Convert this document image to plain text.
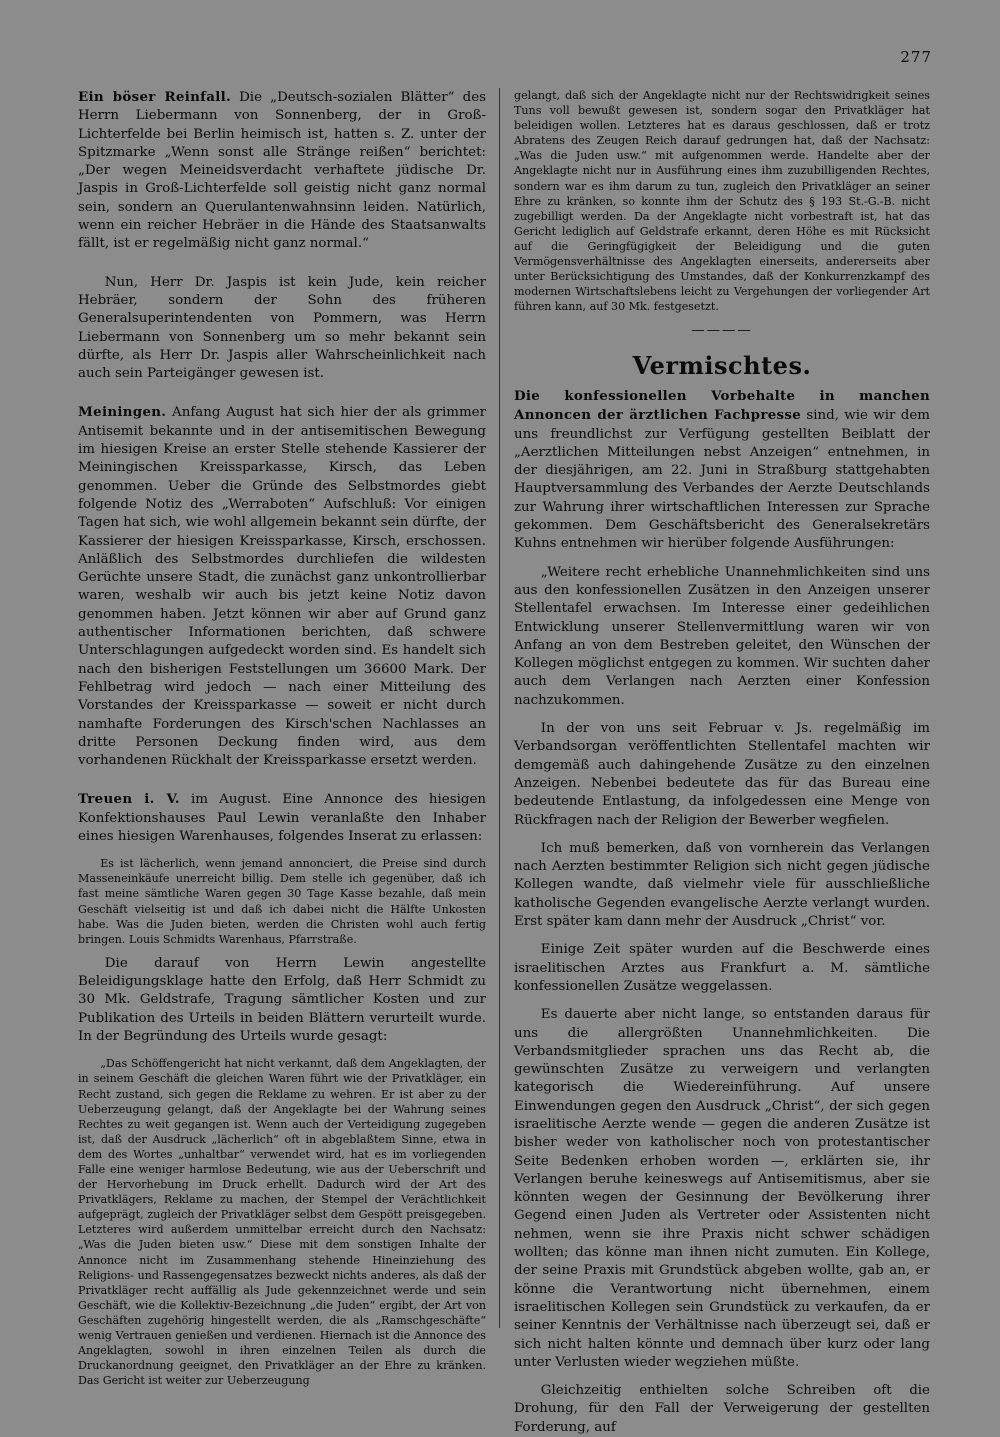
277

Ein böser Reinfall. Die „Deutsch-sozialen Blätter“ des Herrn Liebermann von Sonnenberg, der in Groß-Lichterfelde bei Berlin heimisch ist, hatten s. Z. unter der Spitzmarke „Wenn sonst alle Stränge reißen“ berichtet: „Der wegen Meineidsverdacht verhaftete jüdische Dr. Jaspis in Groß-Lichterfelde soll geistig nicht ganz normal sein, sondern an Querulantenwahnsinn leiden. Natürlich, wenn ein reicher Hebräer in die Hände des Staatsanwalts fällt, ist er regelmäßig nicht ganz normal.“

Nun, Herr Dr. Jaspis ist kein Jude, kein reicher Hebräer, sondern der Sohn des früheren Generalsuperintendenten von Pommern, was Herrn Liebermann von Sonnenberg um so mehr bekannt sein dürfte, als Herr Dr. Jaspis aller Wahrscheinlichkeit nach auch sein Parteigänger gewesen ist.

Meiningen. Anfang August hat sich hier der als grimmer Antisemit bekannte und in der antisemitischen Bewegung im hiesigen Kreise an erster Stelle stehende Kassierer der Meiningischen Kreissparkasse, Kirsch, das Leben genommen. Ueber die Gründe des Selbstmordes giebt folgende Notiz des „Werraboten“ Aufschluß: Vor einigen Tagen hat sich, wie wohl allgemein bekannt sein dürfte, der Kassierer der hiesigen Kreissparkasse, Kirsch, erschossen. Anläßlich des Selbstmordes durchliefen die wildesten Gerüchte unsere Stadt, die zunächst ganz unkontrollierbar waren, weshalb wir auch bis jetzt keine Notiz davon genommen haben. Jetzt können wir aber auf Grund ganz authentischer Informationen berichten, daß schwere Unterschlagungen aufgedeckt worden sind. Es handelt sich nach den bisherigen Feststellungen um 36600 Mark. Der Fehlbetrag wird jedoch — nach einer Mitteilung des Vorstandes der Kreissparkasse — soweit er nicht durch namhafte Forderungen des Kirsch'schen Nachlasses an dritte Personen Deckung finden wird, aus dem vorhandenen Rückhalt der Kreissparkasse ersetzt werden.

Treuen i. V. im August. Eine Annonce des hiesigen Konfektionshauses Paul Lewin veranlaßte den Inhaber eines hiesigen Warenhauses, folgendes Inserat zu erlassen:

Es ist lächerlich, wenn jemand annonciert, die Preise sind durch Masseneinkäufe unerreicht billig. Dem stelle ich gegenüber, daß ich fast meine sämtliche Waren gegen 30 Tage Kasse bezahle, daß mein Geschäft vielseitig ist und daß ich dabei nicht die Hälfte Unkosten habe. Was die Juden bieten, werden die Christen wohl auch fertig bringen. Louis Schmidts Warenhaus, Pfarrstraße.

Die darauf von Herrn Lewin angestellte Beleidigungsklage hatte den Erfolg, daß Herr Schmidt zu 30 Mk. Geldstrafe, Tragung sämtlicher Kosten und zur Publikation des Urteils in beiden Blättern verurteilt wurde. In der Begründung des Urteils wurde gesagt:

„Das Schöffengericht hat nicht verkannt, daß dem Angeklagten, der in seinem Geschäft die gleichen Waren führt wie der Privatkläger, ein Recht zustand, sich gegen die Reklame zu wehren. Er ist aber zu der Ueberzeugung gelangt, daß der Angeklagte bei der Wahrung seines Rechtes zu weit gegangen ist. Wenn auch der Verteidigung zugegeben ist, daß der Ausdruck „lächerlich“ oft in abgeblaßtem Sinne, etwa in dem des Wortes „unhaltbar“ verwendet wird, hat es im vorliegenden Falle eine weniger harmlose Bedeutung, wie aus der Ueberschrift und der Hervorhebung im Druck erhellt. Dadurch wird der Art des Privatklägers, Reklame zu machen, der Stempel der Verächtlichkeit aufgeprägt, zugleich der Privatkläger selbst dem Gespött preisgegeben. Letzteres wird außerdem unmittelbar erreicht durch den Nachsatz: „Was die Juden bieten usw.“ Diese mit dem sonstigen Inhalte der Annonce nicht im Zusammenhang stehende Hineinziehung des Religions- und Rassengegensatzes bezweckt nichts anderes, als daß der Privatkläger recht auffällig als Jude gekennzeichnet werde und sein Geschäft, wie die Kollektiv-Bezeichnung „die Juden“ ergibt, der Art von Geschäften zugehörig hingestellt werden, die als „Ramschgeschäfte“ wenig Vertrauen genießen und verdienen. Hiernach ist die Annonce des Angeklagten, sowohl in ihren einzelnen Teilen als durch die Druckanordnung geeignet, den Privatkläger an der Ehre zu kränken. Das Gericht ist weiter zur Ueberzeugung

gelangt, daß sich der Angeklagte nicht nur der Rechtswidrigkeit seines Tuns voll bewußt gewesen ist, sondern sogar den Privatkläger hat beleidigen wollen. Letzteres hat es daraus geschlossen, daß er trotz Abratens des Zeugen Reich darauf gedrungen hat, daß der Nachsatz: „Was die Juden usw.“ mit aufgenommen werde. Handelte aber der Angeklagte nicht nur in Ausführung eines ihm zuzubilligenden Rechtes, sondern war es ihm darum zu tun, zugleich den Privatkläger an seiner Ehre zu kränken, so konnte ihm der Schutz des § 193 St.-G.-B. nicht zugebilligt werden. Da der Angeklagte nicht vorbestraft ist, hat das Gericht lediglich auf Geldstrafe erkannt, deren Höhe es mit Rücksicht auf die Geringfügigkeit der Beleidigung und die guten Vermögensverhältnisse des Angeklagten einerseits, andererseits aber unter Berücksichtigung des Umstandes, daß der Konkurrenzkampf des modernen Wirtschaftslebens leicht zu Vergehungen der vorliegender Art führen kann, auf 30 Mk. festgesetzt.

————
Vermischtes.

Die konfessionellen Vorbehalte in manchen Annoncen der ärztlichen Fachpresse sind, wie wir dem uns freundlichst zur Verfügung gestellten Beiblatt der „Aerztlichen Mitteilungen nebst Anzeigen“ entnehmen, in der diesjährigen, am 22. Juni in Straßburg stattgehabten Hauptversammlung des Verbandes der Aerzte Deutschlands zur Wahrung ihrer wirtschaftlichen Interessen zur Sprache gekommen. Dem Geschäftsbericht des Generalsekretärs Kuhns entnehmen wir hierüber folgende Ausführungen:

„Weitere recht erhebliche Unannehmlichkeiten sind uns aus den konfessionellen Zusätzen in den Anzeigen unserer Stellentafel erwachsen. Im Interesse einer gedeihlichen Entwicklung unserer Stellenvermittlung waren wir von Anfang an von dem Bestreben geleitet, den Wünschen der Kollegen möglichst entgegen zu kommen. Wir suchten daher auch dem Verlangen nach Aerzten einer Konfession nachzukommen.

In der von uns seit Februar v. Js. regelmäßig im Verbandsorgan veröffentlichten Stellentafel machten wir demgemäß auch dahingehende Zusätze zu den einzelnen Anzeigen. Nebenbei bedeutete das für das Bureau eine bedeutende Entlastung, da infolgedessen eine Menge von Rückfragen nach der Religion der Bewerber wegfielen.

Ich muß bemerken, daß von vornherein das Verlangen nach Aerzten bestimmter Religion sich nicht gegen jüdische Kollegen wandte, daß vielmehr viele für ausschließliche katholische Gegenden evangelische Aerzte verlangt wurden. Erst später kam dann mehr der Ausdruck „Christ“ vor.

Einige Zeit später wurden auf die Beschwerde eines israelitischen Arztes aus Frankfurt a. M. sämtliche konfessionellen Zusätze weggelassen.

Es dauerte aber nicht lange, so entstanden daraus für uns die allergrößten Unannehmlichkeiten. Die Verbandsmitglieder sprachen uns das Recht ab, die gewünschten Zusätze zu verweigern und verlangten kategorisch die Wiedereinführung. Auf unsere Einwendungen gegen den Ausdruck „Christ“, der sich gegen israelitische Aerzte wende — gegen die anderen Zusätze ist bisher weder von katholischer noch von protestantischer Seite Bedenken erhoben worden —, erklärten sie, ihr Verlangen beruhe keineswegs auf Antisemitismus, aber sie könnten wegen der Gesinnung der Bevölkerung ihrer Gegend einen Juden als Vertreter oder Assistenten nicht nehmen, wenn sie ihre Praxis nicht schwer schädigen wollten; das könne man ihnen nicht zumuten. Ein Kollege, der seine Praxis mit Grundstück abgeben wollte, gab an, er könne die Verantwortung nicht übernehmen, einem israelitischen Kollegen sein Grundstück zu verkaufen, da er seiner Kenntnis der Verhältnisse nach überzeugt sei, daß er sich nicht halten könnte und demnach über kurz oder lang unter Verlusten wieder wegziehen müßte.

Gleichzeitig enthielten solche Schreiben oft die Drohung, für den Fall der Verweigerung der gestellten Forderung, auf
